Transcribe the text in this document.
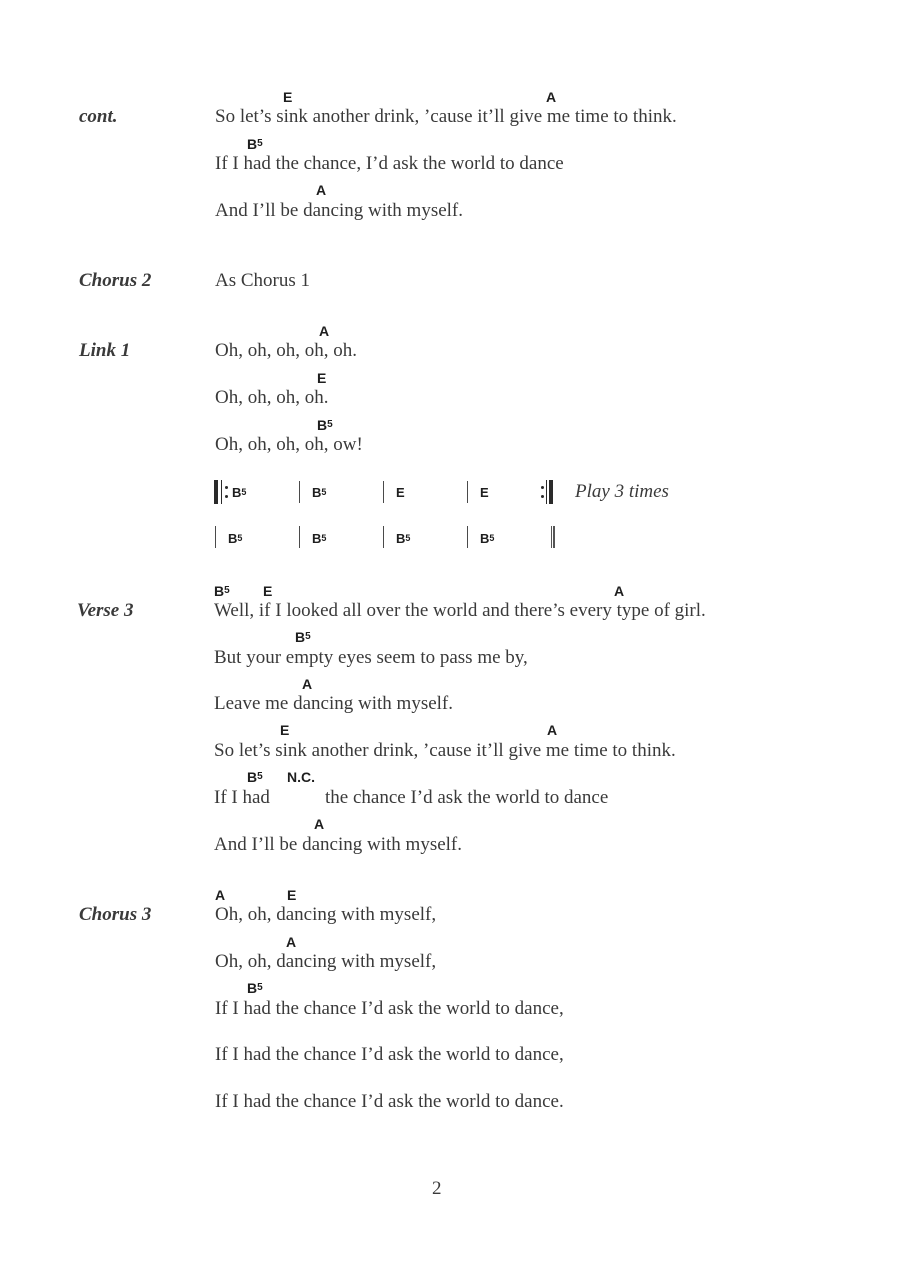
cont.
E	A
So let’s sink another drink, ’cause it’ll give me time to think.
$B^5$
If I had the chance, I’d ask the world to dance
A
And I’ll be dancing with myself.
Chorus 2	As Chorus 1
Link 1
A
Oh, oh, oh, oh, oh.
E
Oh, oh, oh, oh.
$B^5$
Oh, oh, oh, oh, ow!
$B^5$	$B^5$	E	E	Play 3 times
$B^5$	$B^5$	$B^5$	$B^5$
Verse 3
$B^5$ E	A
Well, if I looked all over the world and there’s every type of girl.
$B^5$
But your empty eyes seem to pass me by,
A
Leave me dancing with myself.
E	A
So let’s sink another drink, ’cause it’ll give me time to think.
$B^5$ N.C.
If I had	the chance I’d ask the world to dance
A
And I’ll be dancing with myself.
Chorus 3
A	E
Oh, oh, dancing with myself,
A
Oh, oh, dancing with myself,
$B^5$
If I had the chance I’d ask the world to dance,
If I had the chance I’d ask the world to dance,
If I had the chance I’d ask the world to dance.
2
